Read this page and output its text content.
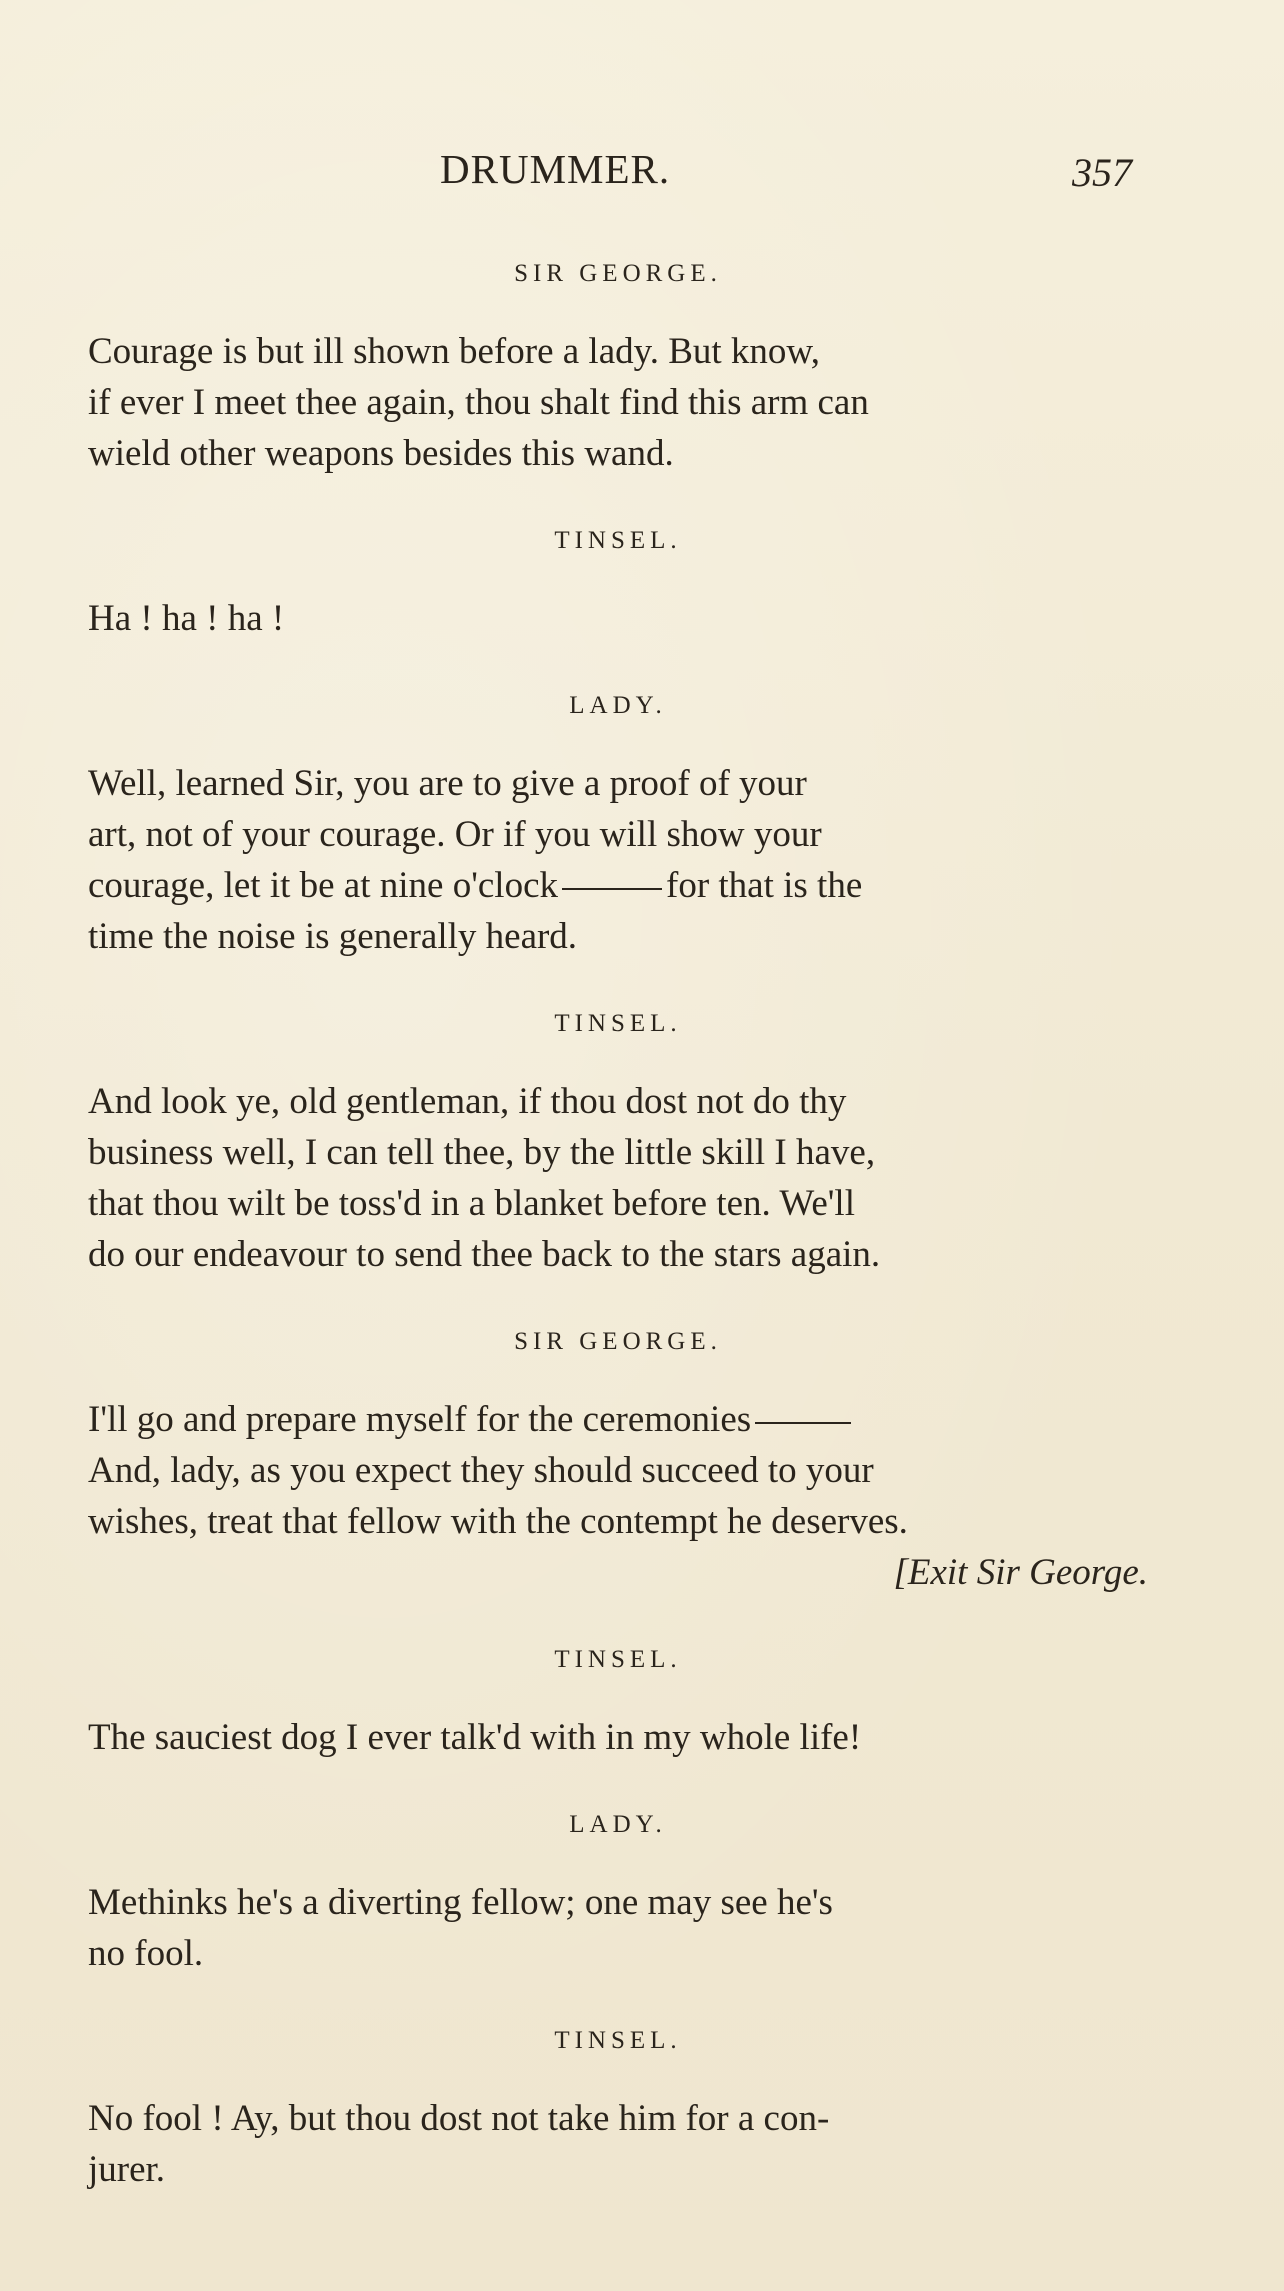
DRUMMER.	357
SIR GEORGE.
Courage is but ill shown before a lady. But know,
if ever I meet thee again, thou shalt find this arm can
wield other weapons besides this wand.
TINSEL.
Ha ! ha ! ha !
LADY.
Well, learned Sir, you are to give a proof of your
art, not of your courage. Or if you will show your
courage, let it be at nine o'clock	for that is the
time the noise is generally heard.
TINSEL.
And look ye, old gentleman, if thou dost not do thy
business well, I can tell thee, by the little skill I have,
that thou wilt be toss'd in a blanket before ten. We'll
do our endeavour to send thee back to the stars again.
SIR GEORGE.
I'll go and prepare myself for the ceremonies
And, lady, as you expect they should succeed to your
wishes, treat that fellow with the contempt he deserves.
[Exit Sir George.
TINSEL.
The sauciest dog I ever talk'd with in my whole life!
LADY.
Methinks he's a diverting fellow; one may see he's
no fool.
TINSEL.
No fool ! Ay, but thou dost not take him for a con-
jurer.
